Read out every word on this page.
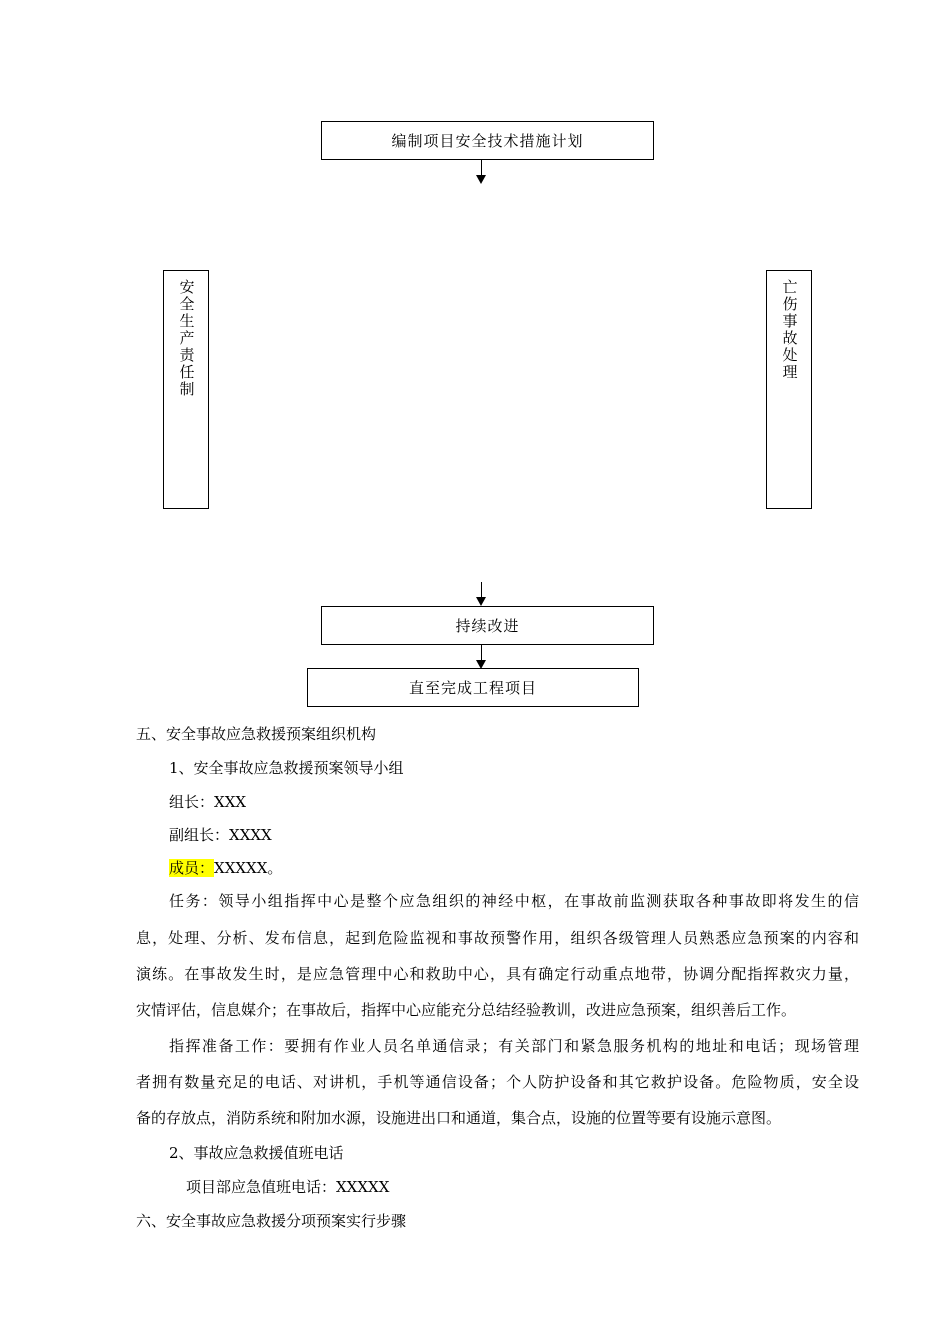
编制项目安全技术措施计划
安全生产责任制	亡伤事故处理
持续改进
直至完成工程项目
五、安全事故应急救援预案组织机构
1、安全事故应急救援预案领导小组
组长：XXX
副组长：XXXX
成员：XXXXX。
任务：领导小组指挥中心是整个应急组织的神经中枢，在事故前监测获取各种事故即将发生的信
息，处理、分析、发布信息，起到危险监视和事故预警作用，组织各级管理人员熟悉应急预案的内容和
演练。在事故发生时，是应急管理中心和救助中心，具有确定行动重点地带，协调分配指挥救灾力量，
灾情评估，信息媒介；在事故后，指挥中心应能充分总结经验教训，改进应急预案，组织善后工作。
指挥准备工作：要拥有作业人员名单通信录；有关部门和紧急服务机构的地址和电话；现场管理
者拥有数量充足的电话、对讲机，手机等通信设备；个人防护设备和其它救护设备。危险物质，安全设
备的存放点，消防系统和附加水源，设施进出口和通道，集合点，设施的位置等要有设施示意图。
2、事故应急救援值班电话
项目部应急值班电话：XXXXX
六、安全事故应急救援分项预案实行步骤
